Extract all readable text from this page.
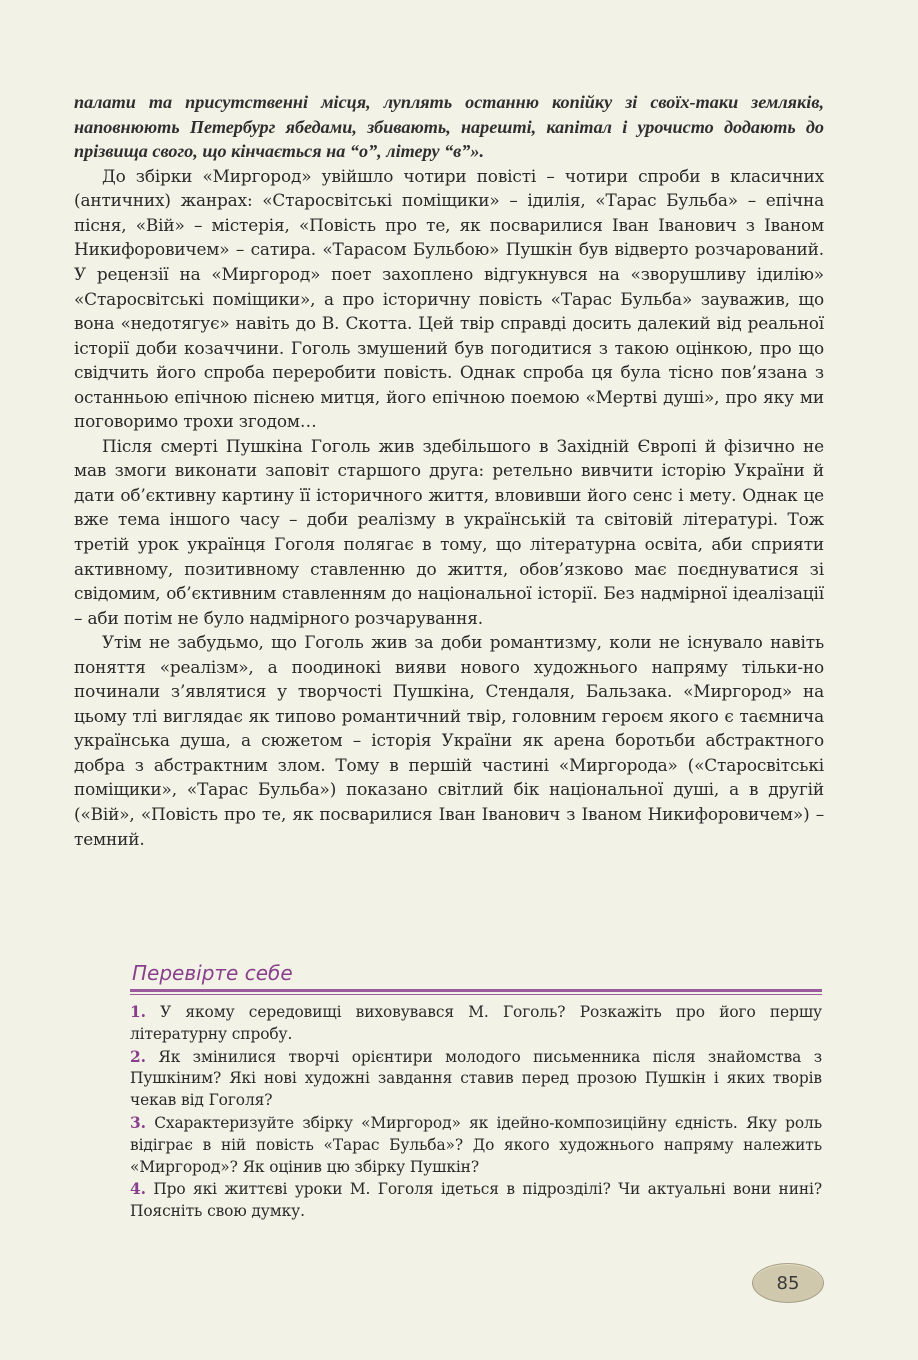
палати та присутственні місця, луплять останню копійку зі своїх-таки земляків, наповнюють Петербург ябедами, збивають, нарешті, капітал і урочисто додають до прізвища свого, що кінчається на “о”, літеру “в”».

До збірки «Миргород» увійшло чотири повісті – чотири спроби в класичних (античних) жанрах: «Старосвітські поміщики» – ідилія, «Тарас Бульба» – епічна пісня, «Вій» – містерія, «Повість про те, як посварилися Іван Іванович з Іваном Никифоровичем» – сатира. «Тарасом Бульбою» Пушкін був відверто розчарований. У рецензії на «Миргород» поет захоплено відгукнувся на «зворушливу ідилію» «Старосвітські поміщики», а про історичну повість «Тарас Бульба» зауважив, що вона «недотягує» навіть до В. Скотта. Цей твір справді досить далекий від реальної історії доби козаччини. Гоголь змушений був погодитися з такою оцінкою, про що свідчить його спроба переробити повість. Однак спроба ця була тісно пов’язана з останньою епічною піснею митця, його епічною поемою «Мертві душі», про яку ми поговоримо трохи згодом…

Після смерті Пушкіна Гоголь жив здебільшого в Західній Європі й фізично не мав змоги виконати заповіт старшого друга: ретельно вивчити історію України й дати об’єктивну картину її історичного життя, вловивши його сенс і мету. Однак це вже тема іншого часу – доби реалізму в українській та світовій літературі. Тож третій урок українця Гоголя полягає в тому, що літературна освіта, аби сприяти активному, позитивному ставленню до життя, обов’язково має поєднуватися зі свідомим, об’єктивним ставленням до національної історії. Без надмірної ідеалізації – аби потім не було надмірного розчарування.

Утім не забудьмо, що Гоголь жив за доби романтизму, коли не існувало навіть поняття «реалізм», а поодинокі вияви нового художнього напряму тільки-но починали з’являтися у творчості Пушкіна, Стендаля, Бальзака. «Миргород» на цьому тлі виглядає як типово романтичний твір, головним героєм якого є таємнича українська душа, а сюжетом – історія України як арена боротьби абстрактного добра з абстрактним злом. Тому в першій частині «Миргорода» («Старосвітські поміщики», «Тарас Бульба») показано світлий бік національної душі, а в другій («Вій», «Повість про те, як посварилися Іван Іванович з Іваном Никифоровичем») – темний.

Перевірте себе

1. У якому середовищі виховувався М. Гоголь? Розкажіть про його першу літературну спробу.

2. Як змінилися творчі орієнтири молодого письменника після знайомства з Пушкіним? Які нові художні завдання ставив перед прозою Пушкін і яких творів чекав від Гоголя?

3. Схарактеризуйте збірку «Миргород» як ідейно-композиційну єдність. Яку роль відіграє в ній повість «Тарас Бульба»? До якого художнього напряму належить «Миргород»? Як оцінив цю збірку Пушкін?

4. Про які життєві уроки М. Гоголя ідеться в підрозділі? Чи актуальні вони нині? Поясніть свою думку.

85
